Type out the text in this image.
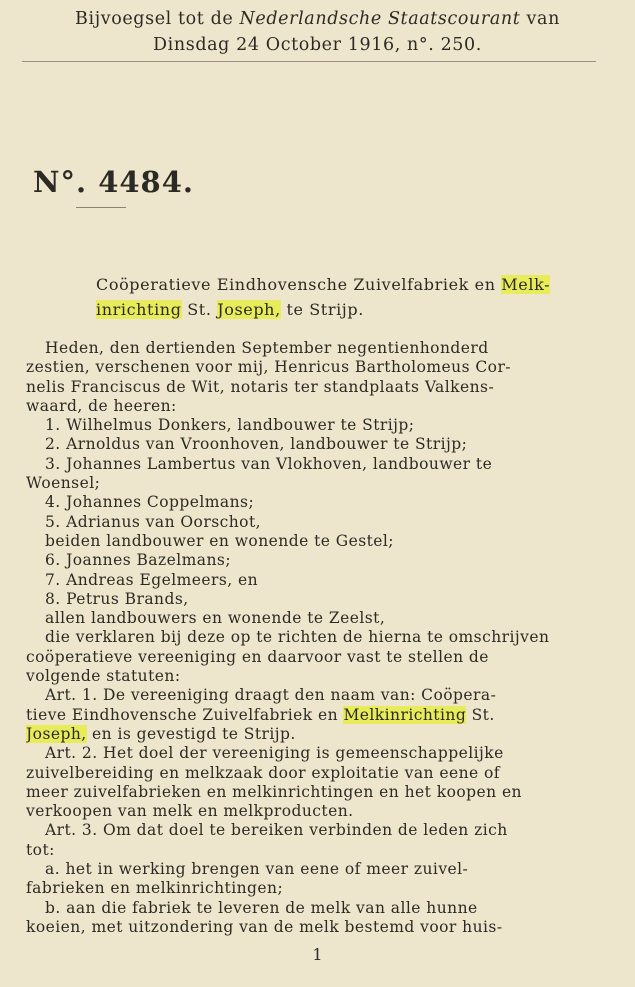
Bijvoegsel tot de Nederlandsche Staatscourant van
Dinsdag 24 October 1916, n°. 250.
N°. 4484.
Coöperatieve Eindhovensche Zuivelfabriek en Melk-
inrichting St. Joseph, te Strijp.
Heden, den dertienden September negentienhonderd
zestien, verschenen voor mij, Henricus Bartholomeus Cor-
nelis Franciscus de Wit, notaris ter standplaats Valkens-
waard, de heeren:
1. Wilhelmus Donkers, landbouwer te Strijp;
2. Arnoldus van Vroonhoven, landbouwer te Strijp;
3. Johannes Lambertus van Vlokhoven, landbouwer te
Woensel;
4. Johannes Coppelmans;
5. Adrianus van Oorschot,
beiden landbouwer en wonende te Gestel;
6. Joannes Bazelmans;
7. Andreas Egelmeers, en
8. Petrus Brands,
allen landbouwers en wonende te Zeelst,
die verklaren bij deze op te richten de hierna te omschrijven
coöperatieve vereeniging en daarvoor vast te stellen de
volgende statuten:
Art. 1. De vereeniging draagt den naam van: Coöpera-
tieve Eindhovensche Zuivelfabriek en Melkinrichting St.
Joseph, en is gevestigd te Strijp.
Art. 2. Het doel der vereeniging is gemeenschappelijke
zuivelbereiding en melkzaak door exploitatie van eene of
meer zuivelfabrieken en melkinrichtingen en het koopen en
verkoopen van melk en melkproducten.
Art. 3. Om dat doel te bereiken verbinden de leden zich
tot:
a. het in werking brengen van eene of meer zuivel-
fabrieken en melkinrichtingen;
b. aan die fabriek te leveren de melk van alle hunne
koeien, met uitzondering van de melk bestemd voor huis-
1
